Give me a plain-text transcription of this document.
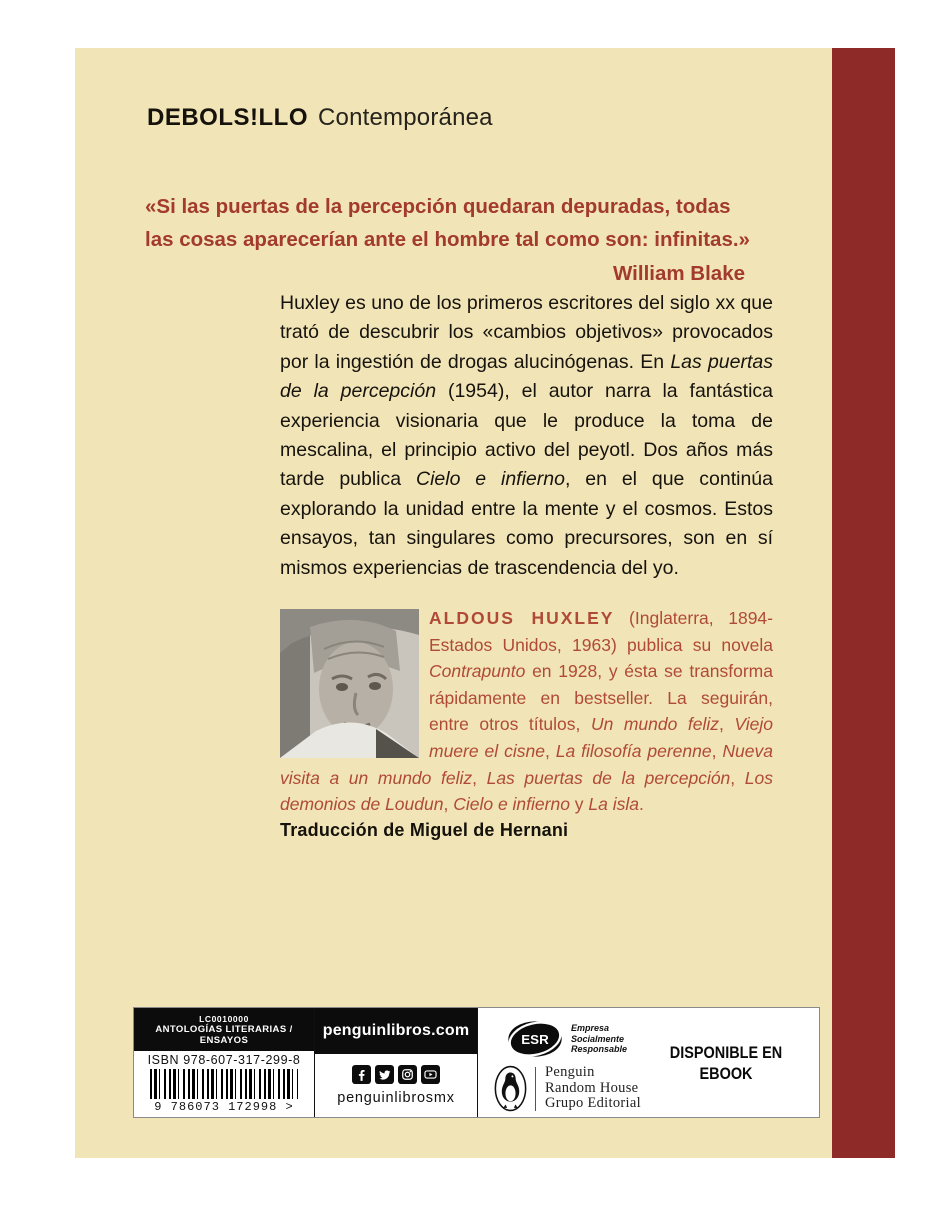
DEBOLS!LLO Contemporánea
«Si las puertas de la percepción quedaran depuradas, todas
las cosas aparecerían ante el hombre tal como son: infinitas.»
William Blake
Huxley es uno de los primeros escritores del siglo xx que trató de descubrir los «cambios objetivos» provocados por la ingestión de drogas alucinógenas. En Las puertas de la percepción (1954), el autor narra la fantástica experiencia visionaria que le produce la toma de mescalina, el principio activo del peyotl. Dos años más tarde publica Cielo e infierno, en el que continúa explorando la unidad entre la mente y el cosmos. Estos ensayos, tan singulares como precursores, son en sí mismos experiencias de trascendencia del yo.
ALDOUS HUXLEY (Inglaterra, 1894-Estados Unidos, 1963) publica su novela Contrapunto en 1928, y ésta se transforma rápidamente en bestseller. La seguirán, entre otros títulos, Un mundo feliz, Viejo muere el cisne, La filosofía perenne, Nueva visita a un mundo feliz, Las puertas de la percepción, Los demonios de Loudun, Cielo e infierno y La isla.
Traducción de Miguel de Hernani
LC0010000
ANTOLOGÍAS LITERARIAS /
ENSAYOS
ISBN 978-607-317-299-8
9 786073 172998 >
penguinlibros.com
penguinlibrosmx
ESR
Empresa
Socialmente
Responsable
Penguin
Random House
Grupo Editorial
DISPONIBLE EN
EBOOK
